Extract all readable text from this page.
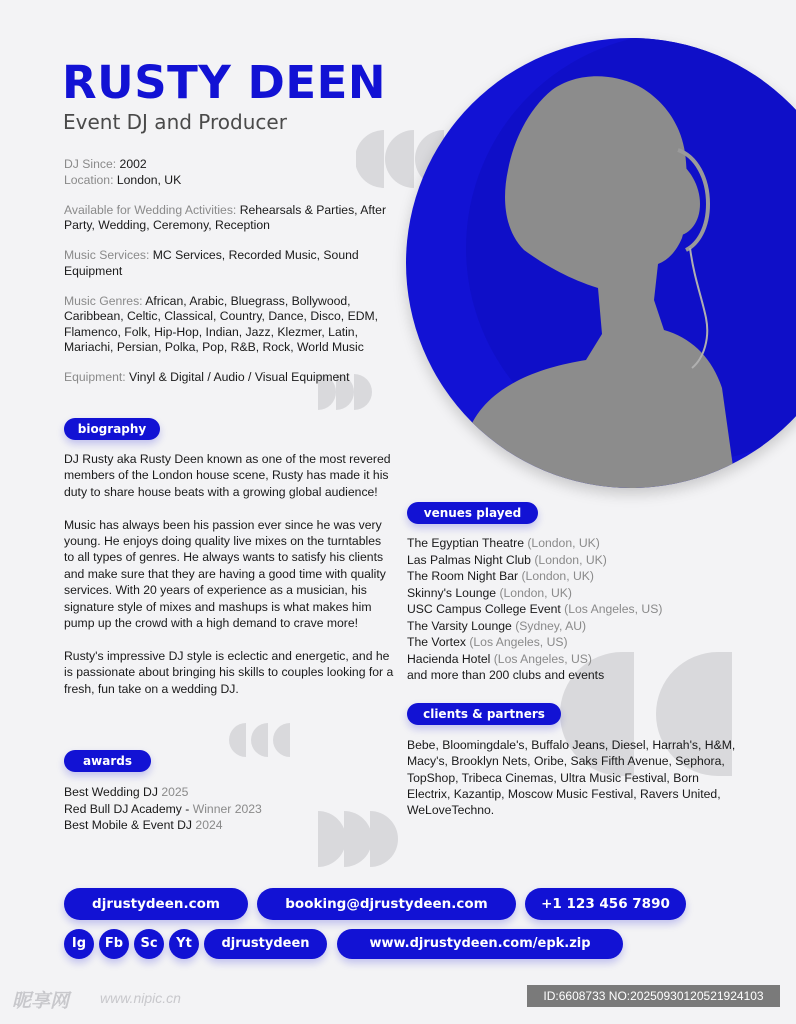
RUSTY DEEN
Event DJ and Producer
DJ Since: 2002
Location: London, UK
Available for Wedding Activities: Rehearsals & Parties, After Party, Wedding, Ceremony, Reception
Music Services: MC Services, Recorded Music, Sound Equipment
Music Genres: African, Arabic, Bluegrass, Bollywood, Caribbean, Celtic, Classical, Country, Dance, Disco, EDM, Flamenco, Folk, Hip-Hop, Indian, Jazz, Klezmer, Latin, Mariachi, Persian, Polka, Pop, R&B, Rock, World Music
Equipment: Vinyl & Digital / Audio / Visual Equipment
biography

DJ Rusty aka Rusty Deen known as one of the most revered members of the London house scene, Rusty has made it his duty to share house beats with a growing global audience!

Music has always been his passion ever since he was very young. He enjoys doing quality live mixes on the turntables to all types of genres. He always wants to satisfy his clients and make sure that they are having a good time with quality services. With 20 years of experience as a musician, his signature style of mixes and mashups is what makes him pump up the crowd with a high demand to crave more!

Rusty's impressive DJ style is eclectic and energetic, and he is passionate about bringing his skills to couples looking for a fresh, fun take on a wedding DJ.

awards
Best Wedding DJ 2025
Red Bull DJ Academy - Winner 2023
Best Mobile & Event DJ 2024
venues played
The Egyptian Theatre (London, UK)
Las Palmas Night Club (London, UK)
The Room Night Bar (London, UK)
Skinny's Lounge (London, UK)
USC Campus College Event (Los Angeles, US)
The Varsity Lounge (Sydney, AU)
The Vortex (Los Angeles, US)
Hacienda Hotel (Los Angeles, US)
and more than 200 clubs and events
clients & partners
Bebe, Bloomingdale's, Buffalo Jeans, Diesel, Harrah's, H&M, Macy's, Brooklyn Nets, Oribe, Saks Fifth Avenue, Sephora, TopShop, Tribeca Cinemas, Ultra Music Festival, Born Electrix, Kazantip, Moscow Music Festival, Ravers United, WeLoveTechno.
djrustydeen.com	booking@djrustydeen.com	+1 123 456 7890
Ig	Fb	Sc	Yt	djrustydeen	www.djrustydeen.com/epk.zip
昵享网 www.nipic.cn	ID:6608733 NO:20250930120521924103
